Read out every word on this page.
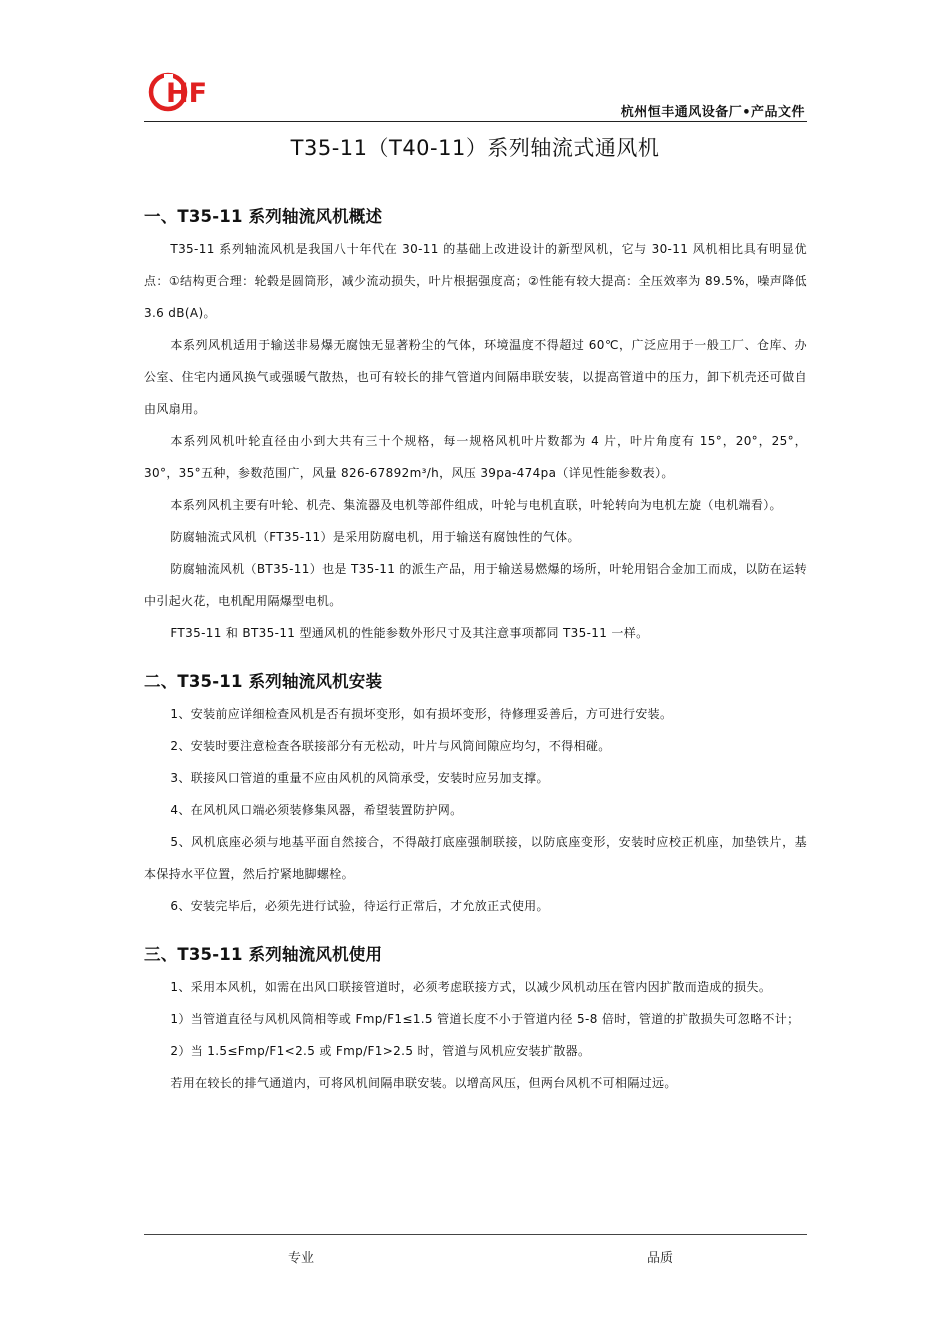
HF
杭州恒丰通风设备厂•产品文件
T35-11（T40-11）系列轴流式通风机
一、T35-11 系列轴流风机概述

T35-11 系列轴流风机是我国八十年代在 30-11 的基础上改进设计的新型风机，它与 30-11 风机相比具有明显优点：①结构更合理：轮毂是圆筒形，减少流动损失，叶片根据强度高；②性能有较大提高：全压效率为 89.5%，噪声降低 3.6 dB(A)。

本系列风机适用于输送非易爆无腐蚀无显著粉尘的气体，环境温度不得超过 60℃，广泛应用于一般工厂、仓库、办公室、住宅内通风换气或强暖气散热，也可有较长的排气管道内间隔串联安装，以提高管道中的压力，卸下机壳还可做自由风扇用。

本系列风机叶轮直径由小到大共有三十个规格，每一规格风机叶片数都为 4 片，叶片角度有 15°，20°，25°，30°，35°五种，参数范围广，风量 826-67892m³/h，风压 39pa-474pa（详见性能参数表）。

本系列风机主要有叶轮、机壳、集流器及电机等部件组成，叶轮与电机直联，叶轮转向为电机左旋（电机端看）。

防腐轴流式风机（FT35-11）是采用防腐电机，用于输送有腐蚀性的气体。

防腐轴流风机（BT35-11）也是 T35-11 的派生产品，用于输送易燃爆的场所，叶轮用铝合金加工而成，以防在运转中引起火花，电机配用隔爆型电机。

FT35-11 和 BT35-11 型通风机的性能参数外形尺寸及其注意事项都同 T35-11 一样。

二、T35-11 系列轴流风机安装

1、安装前应详细检查风机是否有损坏变形，如有损坏变形，待修理妥善后，方可进行安装。

2、安装时要注意检查各联接部分有无松动，叶片与风筒间隙应均匀，不得相碰。

3、联接风口管道的重量不应由风机的风筒承受，安装时应另加支撑。

4、在风机风口端必须装修集风器，希望装置防护网。

5、风机底座必须与地基平面自然接合，不得敲打底座强制联接，以防底座变形，安装时应校正机座，加垫铁片，基本保持水平位置，然后拧紧地脚螺栓。

6、安装完毕后，必须先进行试验，待运行正常后，才允放正式使用。

三、T35-11 系列轴流风机使用

1、采用本风机，如需在出风口联接管道时，必须考虑联接方式，以减少风机动压在管内因扩散而造成的损失。

1）当管道直径与风机风筒相等或 Fmp/F1≤1.5 管道长度不小于管道内径 5-8 倍时，管道的扩散损失可忽略不计；

2）当 1.5≤Fmp/F1<2.5 或 Fmp/F1>2.5 时，管道与风机应安装扩散器。

若用在较长的排气通道内，可将风机间隔串联安装。以增高风压，但两台风机不可相隔过远。

专业	品质
